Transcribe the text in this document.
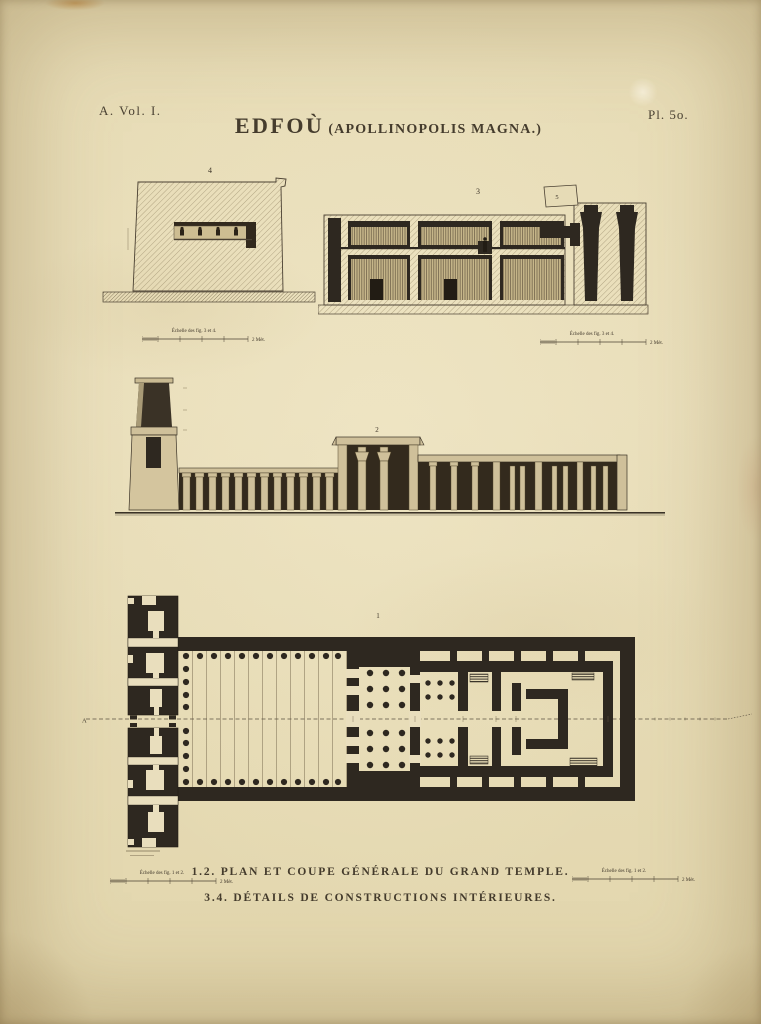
A. Vol. I.
EDFOÙ (APOLLINOPOLIS MAGNA.)
Pl. 5o.
4
3
5
Échelle des fig. 3 et 4.
2 Mèt.
Échelle des fig. 3 et 4.
2 Mèt.
2
A
1
1.2. PLAN ET COUPE GÉNÉRALE DU GRAND TEMPLE.
3.4. DÉTAILS DE CONSTRUCTIONS INTÉRIEURES.
Échelle des fig. 1 et 2.
2 Mèt.
Échelle des fig. 1 et 2.
2 Mèt.
